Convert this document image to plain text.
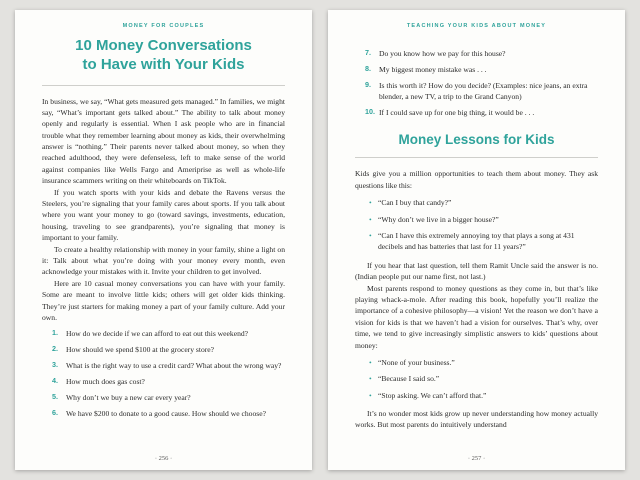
MONEY FOR COUPLES
10 Money Conversations
to Have with Your Kids

In business, we say, “What gets measured gets managed.” In families, we might say, “What’s important gets talked about.” The ability to talk about money openly and regularly is essential. When I ask people who are in financial trouble what they remember learning about money as kids, their overwhelming answer is “nothing.” Their parents never talked about money, so when they reached adulthood, they were defenseless, left to make sense of the world against companies like Wells Fargo and Ameriprise as well as whole-life insurance scammers writing on their whiteboards on TikTok.

If you watch sports with your kids and debate the Ravens versus the Steelers, you’re signaling that your family cares about sports. If you talk about where you want your money to go (toward savings, investments, education, housing, traveling to see grandparents), you’re signaling that money is important to your family.

To create a healthy relationship with money in your family, shine a light on it: Talk about what you’re doing with your money every month, even acknowledge your mistakes with it. Invite your children to get involved.

Here are 10 casual money conversations you can have with your family. Some are meant to involve little kids; others will get older kids thinking. They’re just starters for making money a part of your family culture. Add your own.

1.	How do we decide if we can afford to eat out this weekend?
2.	How should we spend $100 at the grocery store?
3.	What is the right way to use a credit card? What about the wrong way?
4.	How much does gas cost?
5.	Why don’t we buy a new car every year?
6.	We have $200 to donate to a good cause. How should we choose?
· 256 ·
TEACHING YOUR KIDS ABOUT MONEY
7.	Do you know how we pay for this house?
8.	My biggest money mistake was . . .
9.	Is this worth it? How do you decide? (Examples: nice jeans, an extra blender, a new TV, a trip to the Grand Canyon)
10. If I could save up for one big thing, it would be . . .
Money Lessons for Kids

Kids give you a million opportunities to teach them about money. They ask questions like this:

• “Can I buy that candy?”
• “Why don’t we live in a bigger house?”
• “Can I have this extremely annoying toy that plays a song at 431 decibels and has batteries that last for 11 years?”

If you hear that last question, tell them Ramit Uncle said the answer is no. (Indian people put our name first, not last.)

Most parents respond to money questions as they come in, but that’s like playing whack-a-mole. After reading this book, hopefully you’ll realize the importance of a cohesive philosophy—a vision! Yet the reason we don’t have a vision for kids is that we haven’t had a vision for ourselves. That’s why, over time, we tend to give increasingly simplistic answers to kids’ questions about money:

• “None of your business.”
• “Because I said so.”
• “Stop asking. We can’t afford that.”

It’s no wonder most kids grow up never understanding how money actually works. But most parents do intuitively understand

· 257 ·
